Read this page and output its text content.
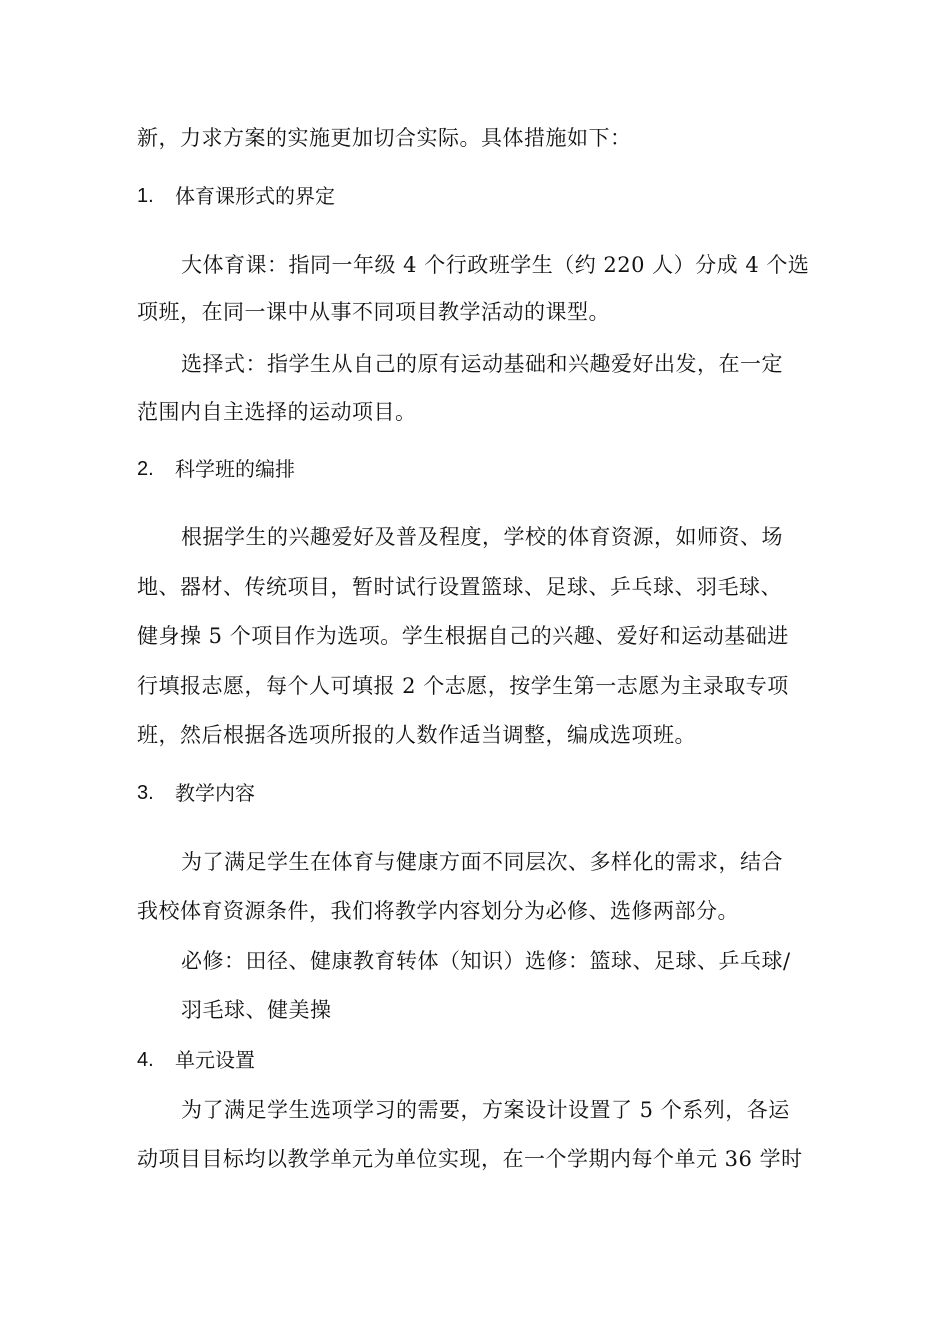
新，力求方案的实施更加切合实际。具体措施如下：
1.	体育课形式的界定
大体育课：指同一年级 4 个行政班学生（约 220 人）分成 4 个选
项班，在同一课中从事不同项目教学活动的课型。
选择式：指学生从自己的原有运动基础和兴趣爱好出发，在一定
范围内自主选择的运动项目。
2.	科学班的编排
根据学生的兴趣爱好及普及程度，学校的体育资源，如师资、场
地、器材、传统项目，暂时试行设置篮球、足球、乒乓球、羽毛球、
健身操 5 个项目作为选项。学生根据自己的兴趣、爱好和运动基础进
行填报志愿，每个人可填报 2 个志愿，按学生第一志愿为主录取专项
班，然后根据各选项所报的人数作适当调整，编成选项班。
3.	教学内容
为了满足学生在体育与健康方面不同层次、多样化的需求，结合
我校体育资源条件，我们将教学内容划分为必修、选修两部分。
必修：田径、健康教育转体（知识）选修：篮球、足球、乒乓球/
羽毛球、健美操
4.	单元设置
为了满足学生选项学习的需要，方案设计设置了 5 个系列，各运
动项目目标均以教学单元为单位实现，在一个学期内每个单元 36 学时
